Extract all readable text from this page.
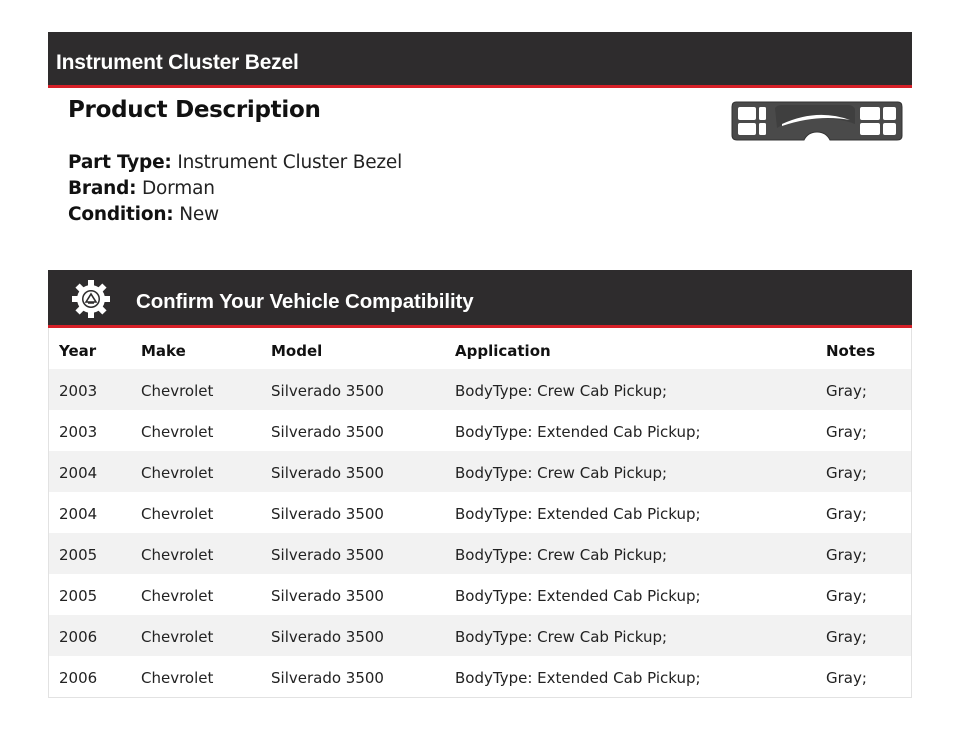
Instrument Cluster Bezel
Product Description
Part Type: Instrument Cluster Bezel
Brand: Dorman
Condition: New
Confirm Your Vehicle Compatibility
Year	Make	Model	Application	Notes
2003	Chevrolet	Silverado 3500	BodyType: Crew Cab Pickup;	Gray;
2003	Chevrolet	Silverado 3500	BodyType: Extended Cab Pickup;	Gray;
2004	Chevrolet	Silverado 3500	BodyType: Crew Cab Pickup;	Gray;
2004	Chevrolet	Silverado 3500	BodyType: Extended Cab Pickup;	Gray;
2005	Chevrolet	Silverado 3500	BodyType: Crew Cab Pickup;	Gray;
2005	Chevrolet	Silverado 3500	BodyType: Extended Cab Pickup;	Gray;
2006	Chevrolet	Silverado 3500	BodyType: Crew Cab Pickup;	Gray;
2006	Chevrolet	Silverado 3500	BodyType: Extended Cab Pickup;	Gray;
